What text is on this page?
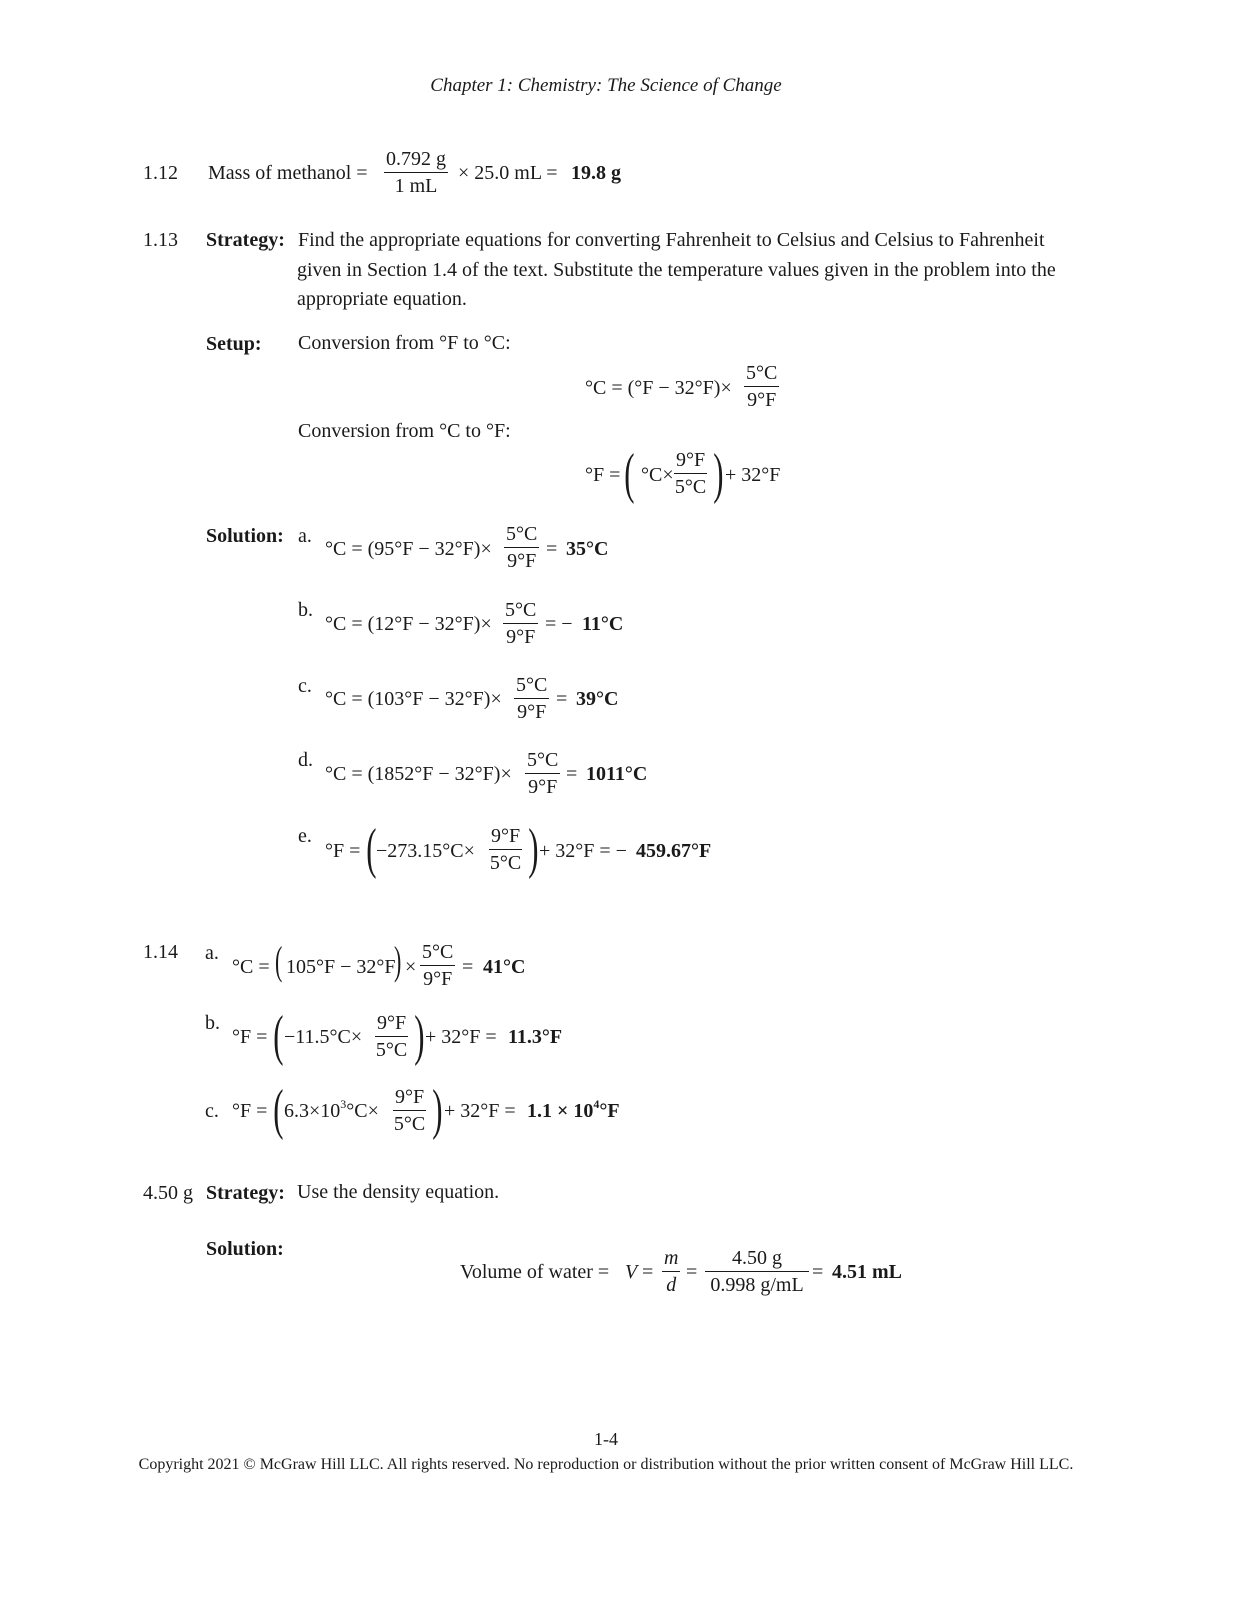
Chapter 1: Chemistry: The Science of Change
1.12 Mass of methanol = $\frac{0.792 g}{1 mL} \times 25.0$ mL = 19.8 g
1.13 Strategy: Find the appropriate equations for converting Fahrenheit to Celsius and Celsius to Fahrenheit
given in Section 1.4 of the text. Substitute the temperature values given in the problem into the
appropriate equation.
Setup: Conversion from °F to °C:
$^\circ C = (^\circ F - 32^\circ F)\times \frac{5^\circ C}{9^\circ F}$
Conversion from °C to °F:
°F = ( $^\circ C\times \frac{9^\circ F}{5^\circ C}$ ) + 32°F
Solution: a.
$^\circ C = (95^\circ F - 32^\circ F)\times \frac{5^\circ C}{9^\circ F} = 35^\circ C$
b.
$^\circ C = (12^\circ F - 32^\circ F)\times \frac{5^\circ C}{9^\circ F}$ = − 11°C
c.
$^\circ C = (103^\circ F - 32^\circ F)\times \frac{5^\circ C}{9^\circ F} = 39^\circ C$
d.
$^\circ C = (1852^\circ F - 32^\circ F)\times \frac{5^\circ C}{9^\circ F} = 1011^\circ C$
e.
°F = ( $-273.15^\circ C\times \frac{9^\circ F}{5^\circ C}$ ) + 32°F = − 459.67°F
1.14 a.
°C = ( 105°F − 32°F
) × $\frac{5^\circ C}{9^\circ F} = 41^\circ C$
b.
°F = ( $-11.5^\circ C\times \frac{9^\circ F}{5^\circ C}$ ) + 32°F = 11.3°F
c. °F = ( $6.3\times 10^3^\circ C\times \frac{9^\circ F}{5^\circ C}$ ) + $32^\circ F = 1.1 \times 10^4^\circ F$
4.50 g Strategy: Use the density equation.
Solution:
Volume of water = $V = \frac{m}{d} = \frac{4.50 g}{0.998 g/mL} = 4.51$ mL
1-4
Copyright 2021 © McGraw Hill LLC. All rights reserved. No reproduction or distribution without the prior written consent of McGraw Hill LLC.
